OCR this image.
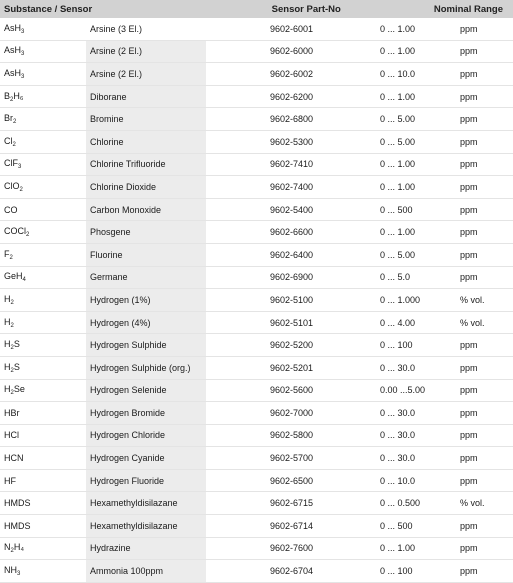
Substance / Sensor	Sensor Part-No	Nominal Range
AsH$_3$	Arsine (3 El.)	9602-6001	0 ... 1.00	ppm
AsH$_3$	Arsine (2 El.)	9602-6000	0 ... 1.00	ppm
AsH$_3$	Arsine (2 El.)	9602-6002	0 ... 10.0	ppm
$B_2H_6$	Diborane	9602-6200	0 ... 1.00	ppm
$Br_2$	Bromine	9602-6800	0 ... 5.00	ppm
$Cl_2$	Chlorine	9602-5300	0 ... 5.00	ppm
ClF$_3$	Chlorine Trifluoride	9602-7410	0 ... 1.00	ppm
ClO$_2$	Chlorine Dioxide	9602-7400	0 ... 1.00	ppm
CO	Carbon Monoxide	9602-5400	0 ... 500	ppm
COCl$_2$	Phosgene	9602-6600	0 ... 1.00	ppm
$F_2$	Fluorine	9602-6400	0 ... 5.00	ppm
GeH$_4$	Germane	9602-6900	0 ... 5.0	ppm
$H_2$	Hydrogen (1%)	9602-5100	0 ... 1.000	% vol.
$H_2$	Hydrogen (4%)	9602-5101	0 ... 4.00	% vol.
$H_2S$	Hydrogen Sulphide	9602-5200	0 ... 100	ppm
$H_2S$	Hydrogen Sulphide (org.)	9602-5201	0 ... 30.0	ppm
$H_2Se$	Hydrogen Selenide	9602-5600	0.00 ...5.00	ppm
HBr	Hydrogen Bromide	9602-7000	0 ... 30.0	ppm
HCl	Hydrogen Chloride	9602-5800	0 ... 30.0	ppm
HCN	Hydrogen Cyanide	9602-5700	0 ... 30.0	ppm
HF	Hydrogen Fluoride	9602-6500	0 ... 10.0	ppm
HMDS	Hexamethyldisilazane	9602-6715	0 ... 0.500	% vol.
HMDS	Hexamethyldisilazane	9602-6714	0 ... 500	ppm
$N_2H_4$	Hydrazine	9602-7600	0 ... 1.00	ppm
$NH_3$	Ammonia 100ppm	9602-6704	0 ... 100	ppm
